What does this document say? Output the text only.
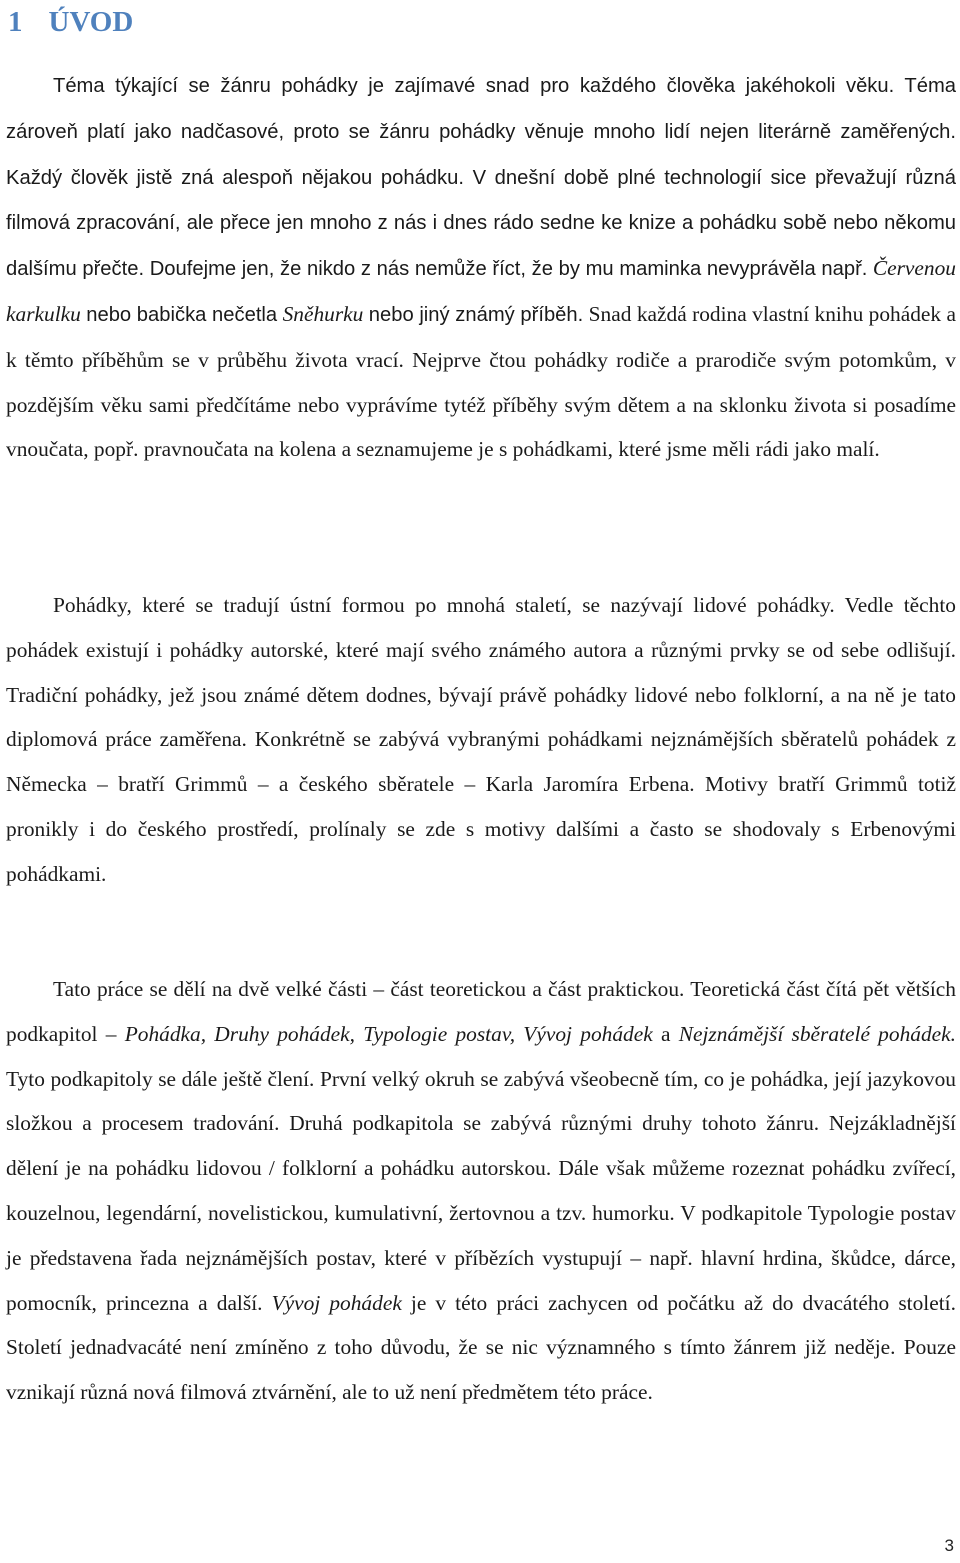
1 ÚVOD

Téma týkající se žánru pohádky je zajímavé snad pro každého člověka jakéhokoli věku. Téma zároveň platí jako nadčasové, proto se žánru pohádky věnuje mnoho lidí nejen literárně zaměřených. Každý člověk jistě zná alespoň nějakou pohádku. V dnešní době plné technologií sice převažují různá filmová zpracování, ale přece jen mnoho z nás i dnes rádo sedne ke knize a pohádku sobě nebo někomu dalšímu přečte. Doufejme jen, že nikdo z nás nemůže říct, že by mu maminka nevyprávěla např. Červenou karkulku nebo babička nečetla Sněhurku nebo jiný známý příběh. Snad každá rodina vlastní knihu pohádek a k těmto příběhům se v průběhu života vrací. Nejprve čtou pohádky rodiče a prarodiče svým potomkům, v pozdějším věku sami předčítáme nebo vyprávíme tytéž příběhy svým dětem a na sklonku života si posadíme vnoučata, popř. pravnoučata na kolena a seznamujeme je s pohádkami, které jsme měli rádi jako malí.

Pohádky, které se tradují ústní formou po mnohá staletí, se nazývají lidové pohádky. Vedle těchto pohádek existují i pohádky autorské, které mají svého známého autora a různými prvky se od sebe odlišují. Tradiční pohádky, jež jsou známé dětem dodnes, bývají právě pohádky lidové nebo folklorní, a na ně je tato diplomová práce zaměřena. Konkrétně se zabývá vybranými pohádkami nejznámějších sběratelů pohádek z Německa – bratří Grimmů – a českého sběratele – Karla Jaromíra Erbena. Motivy bratří Grimmů totiž pronikly i do českého prostředí, prolínaly se zde s motivy dalšími a často se shodovaly s Erbenovými pohádkami.

Tato práce se dělí na dvě velké části – část teoretickou a část praktickou. Teoretická část čítá pět větších podkapitol – Pohádka, Druhy pohádek, Typologie postav, Vývoj pohádek a Nejznámější sběratelé pohádek. Tyto podkapitoly se dále ještě člení. První velký okruh se zabývá všeobecně tím, co je pohádka, její jazykovou složkou a procesem tradování. Druhá podkapitola se zabývá různými druhy tohoto žánru. Nejzákladnější dělení je na pohádku lidovou / folklorní a pohádku autorskou. Dále však můžeme rozeznat pohádku zvířecí, kouzelnou, legendární, novelistickou, kumulativní, žertovnou a tzv. humorku. V podkapitole Typologie postav je představena řada nejznámějších postav, které v příbězích vystupují – např. hlavní hrdina, škůdce, dárce, pomocník, princezna a další. Vývoj pohádek je v této práci zachycen od počátku až do dvacátého století. Století jednadvacáté není zmíněno z toho důvodu, že se nic významného s tímto žánrem již neděje. Pouze vznikají různá nová filmová ztvárnění, ale to už není předmětem této práce.

3
